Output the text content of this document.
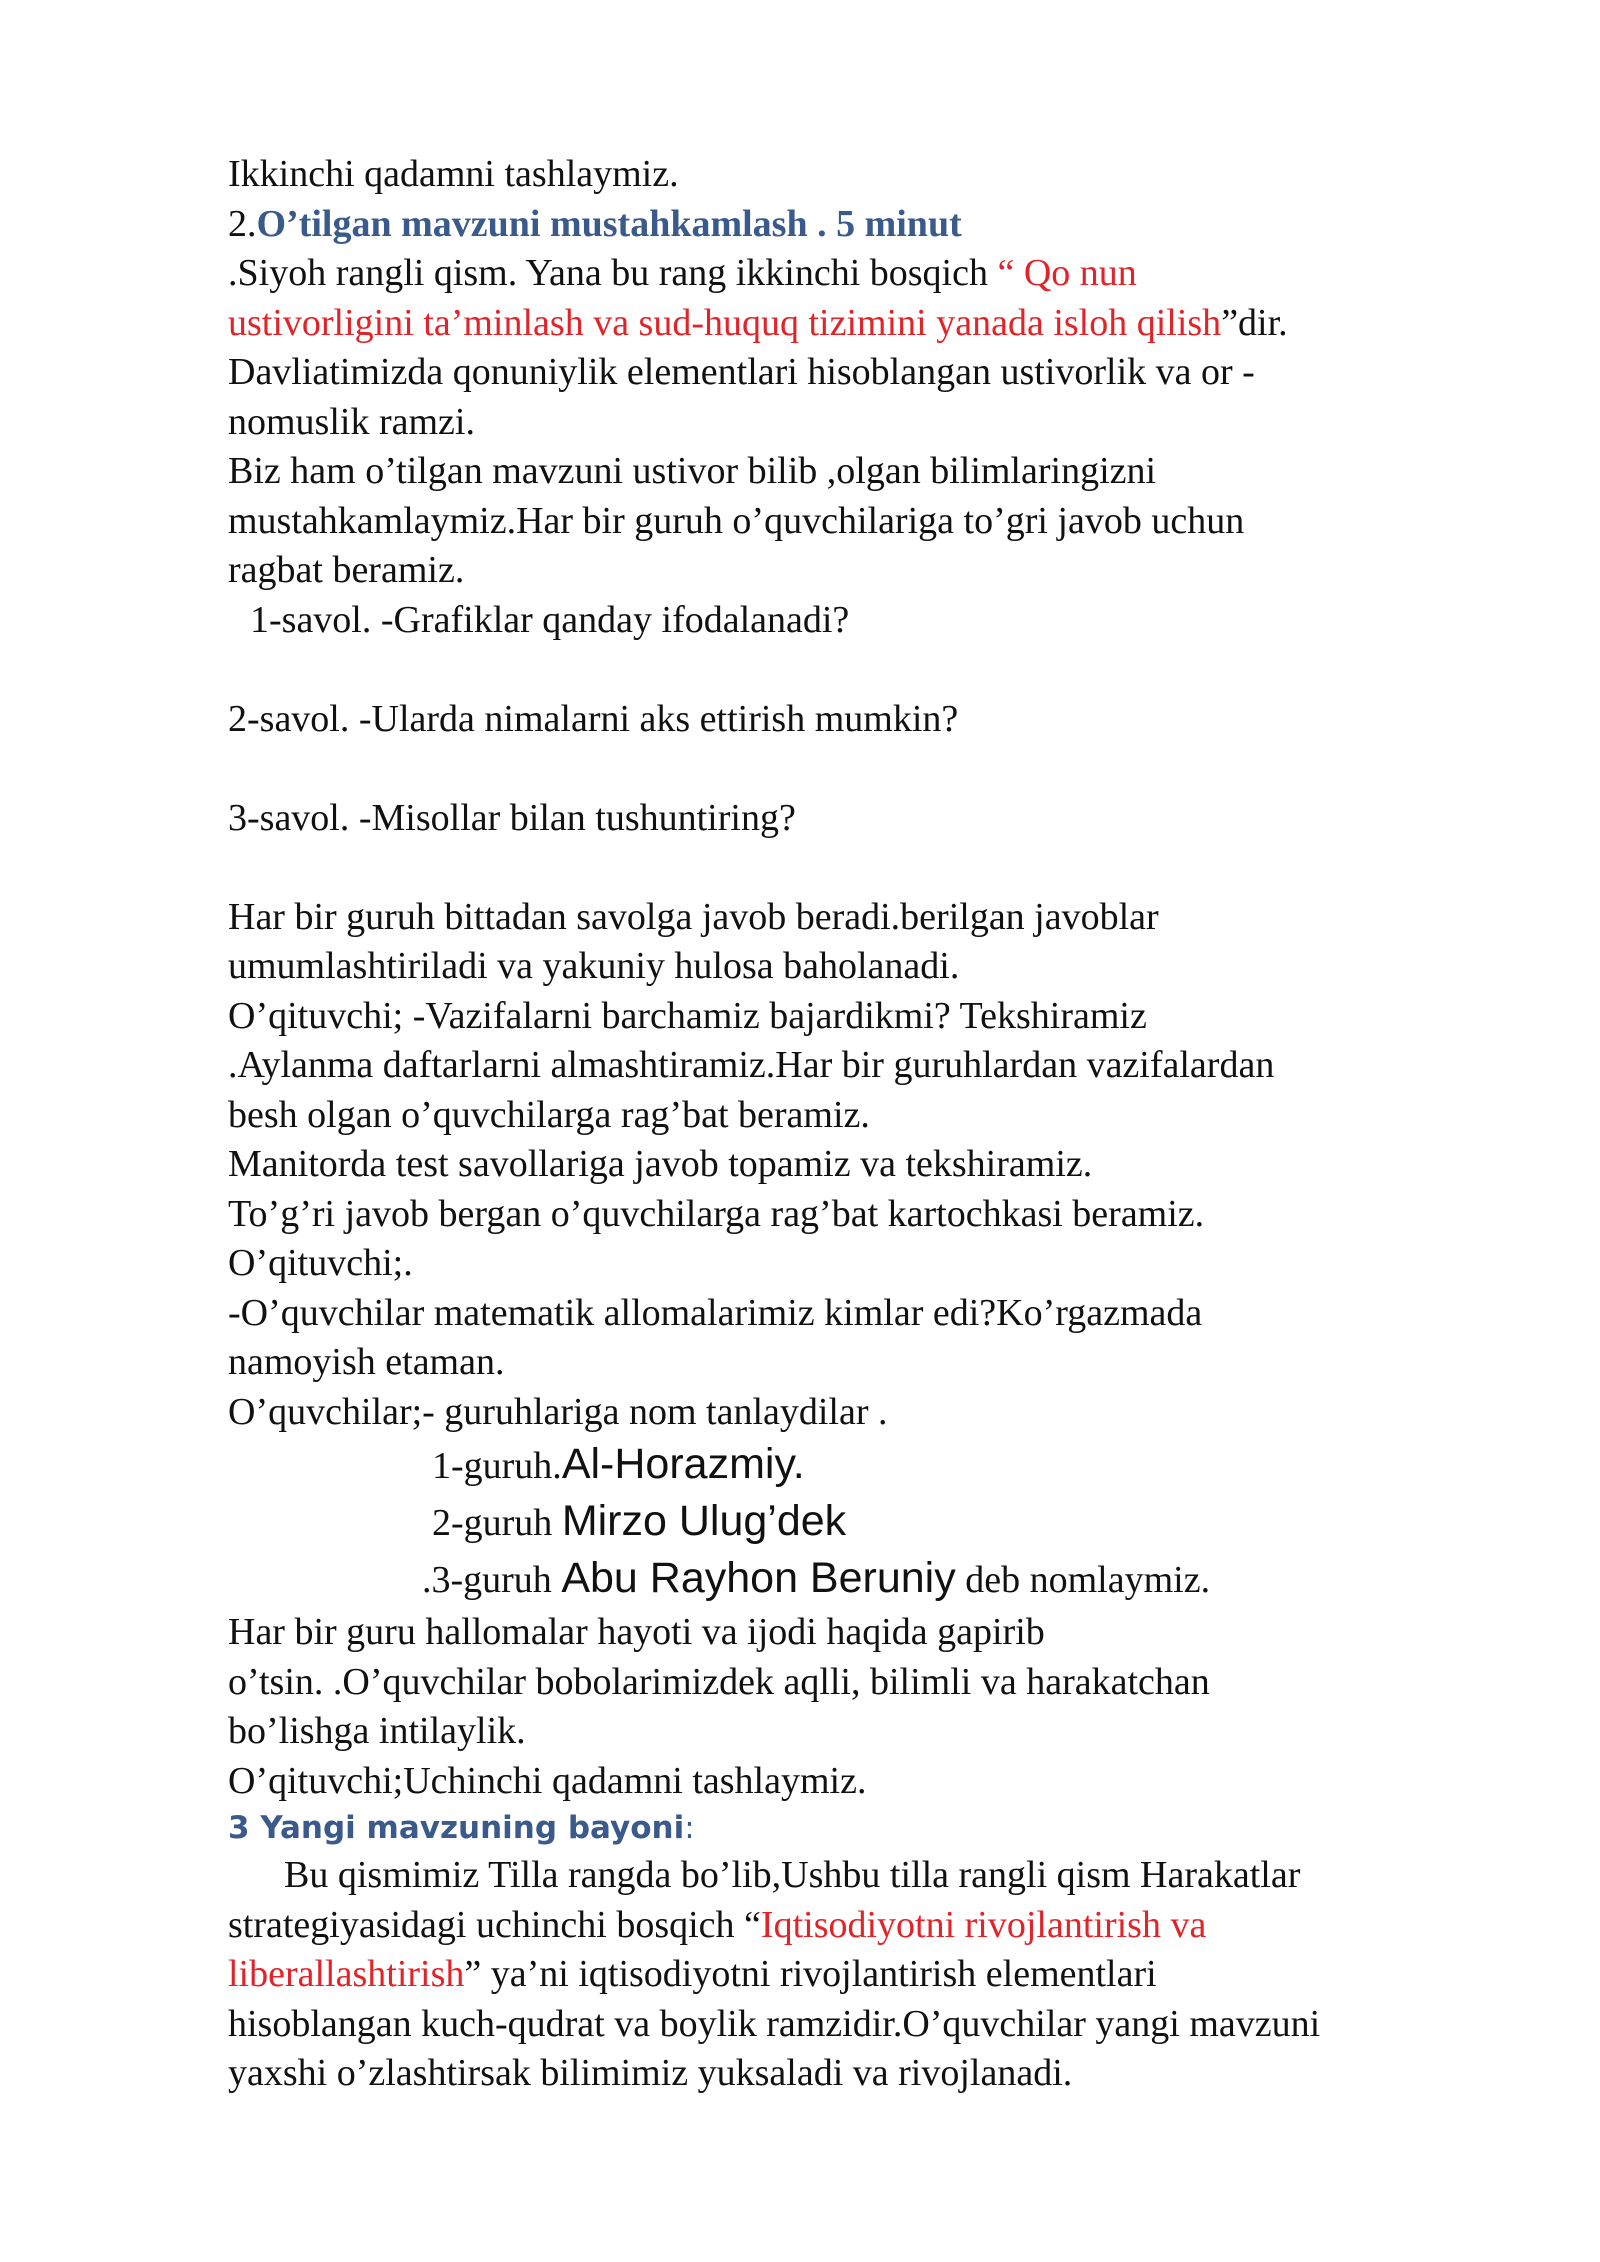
Ikkinchi qadamni tashlaymiz.
2.O’tilgan mavzuni mustahkamlash . 5 minut
.Siyoh rangli qism. Yana bu rang ikkinchi bosqich “ Qo nun
ustivorligini ta’minlash va sud-huquq tizimini yanada isloh qilish”dir.
Davliatimizda qonuniylik elementlari hisoblangan ustivorlik va or -
nomuslik ramzi.
Biz ham o’tilgan mavzuni ustivor bilib ,olgan bilimlaringizni
mustahkamlaymiz.Har bir guruh o’quvchilariga to’gri javob uchun
ragbat beramiz.
1-savol. -Grafiklar qanday ifodalanadi?
2-savol. -Ularda nimalarni aks ettirish mumkin?
3-savol. -Misollar bilan tushuntiring?
Har bir guruh bittadan savolga javob beradi.berilgan javoblar
umumlashtiriladi va yakuniy hulosa baholanadi.
O’qituvchi; -Vazifalarni barchamiz bajardikmi? Tekshiramiz
.Aylanma daftarlarni almashtiramiz.Har bir guruhlardan vazifalardan
besh olgan o’quvchilarga rag’bat beramiz.
Manitorda test savollariga javob topamiz va tekshiramiz.
To’g’ri javob bergan o’quvchilarga rag’bat kartochkasi beramiz.
O’qituvchi;.
-O’quvchilar matematik allomalarimiz kimlar edi?Ko’rgazmada
namoyish etaman.
O’quvchilar;- guruhlariga nom tanlaydilar .
1-guruh.Al-Horazmiy.
2-guruh Mirzo Ulug’dek
.3-guruh Abu Rayhon Beruniy deb nomlaymiz.
Har bir guru hallomalar hayoti va ijodi haqida gapirib
o’tsin. .O’quvchilar bobolarimizdek aqlli, bilimli va harakatchan
bo’lishga intilaylik.
O’qituvchi;Uchinchi qadamni tashlaymiz.
3 Yangi mavzuning bayoni:
Bu qismimiz Tilla rangda bo’lib,Ushbu tilla rangli qism Harakatlar
strategiyasidagi uchinchi bosqich “Iqtisodiyotni rivojlantirish va
liberallashtirish” ya’ni iqtisodiyotni rivojlantirish elementlari
hisoblangan kuch-qudrat va boylik ramzidir.O’quvchilar yangi mavzuni
yaxshi o’zlashtirsak bilimimiz yuksaladi va rivojlanadi.
